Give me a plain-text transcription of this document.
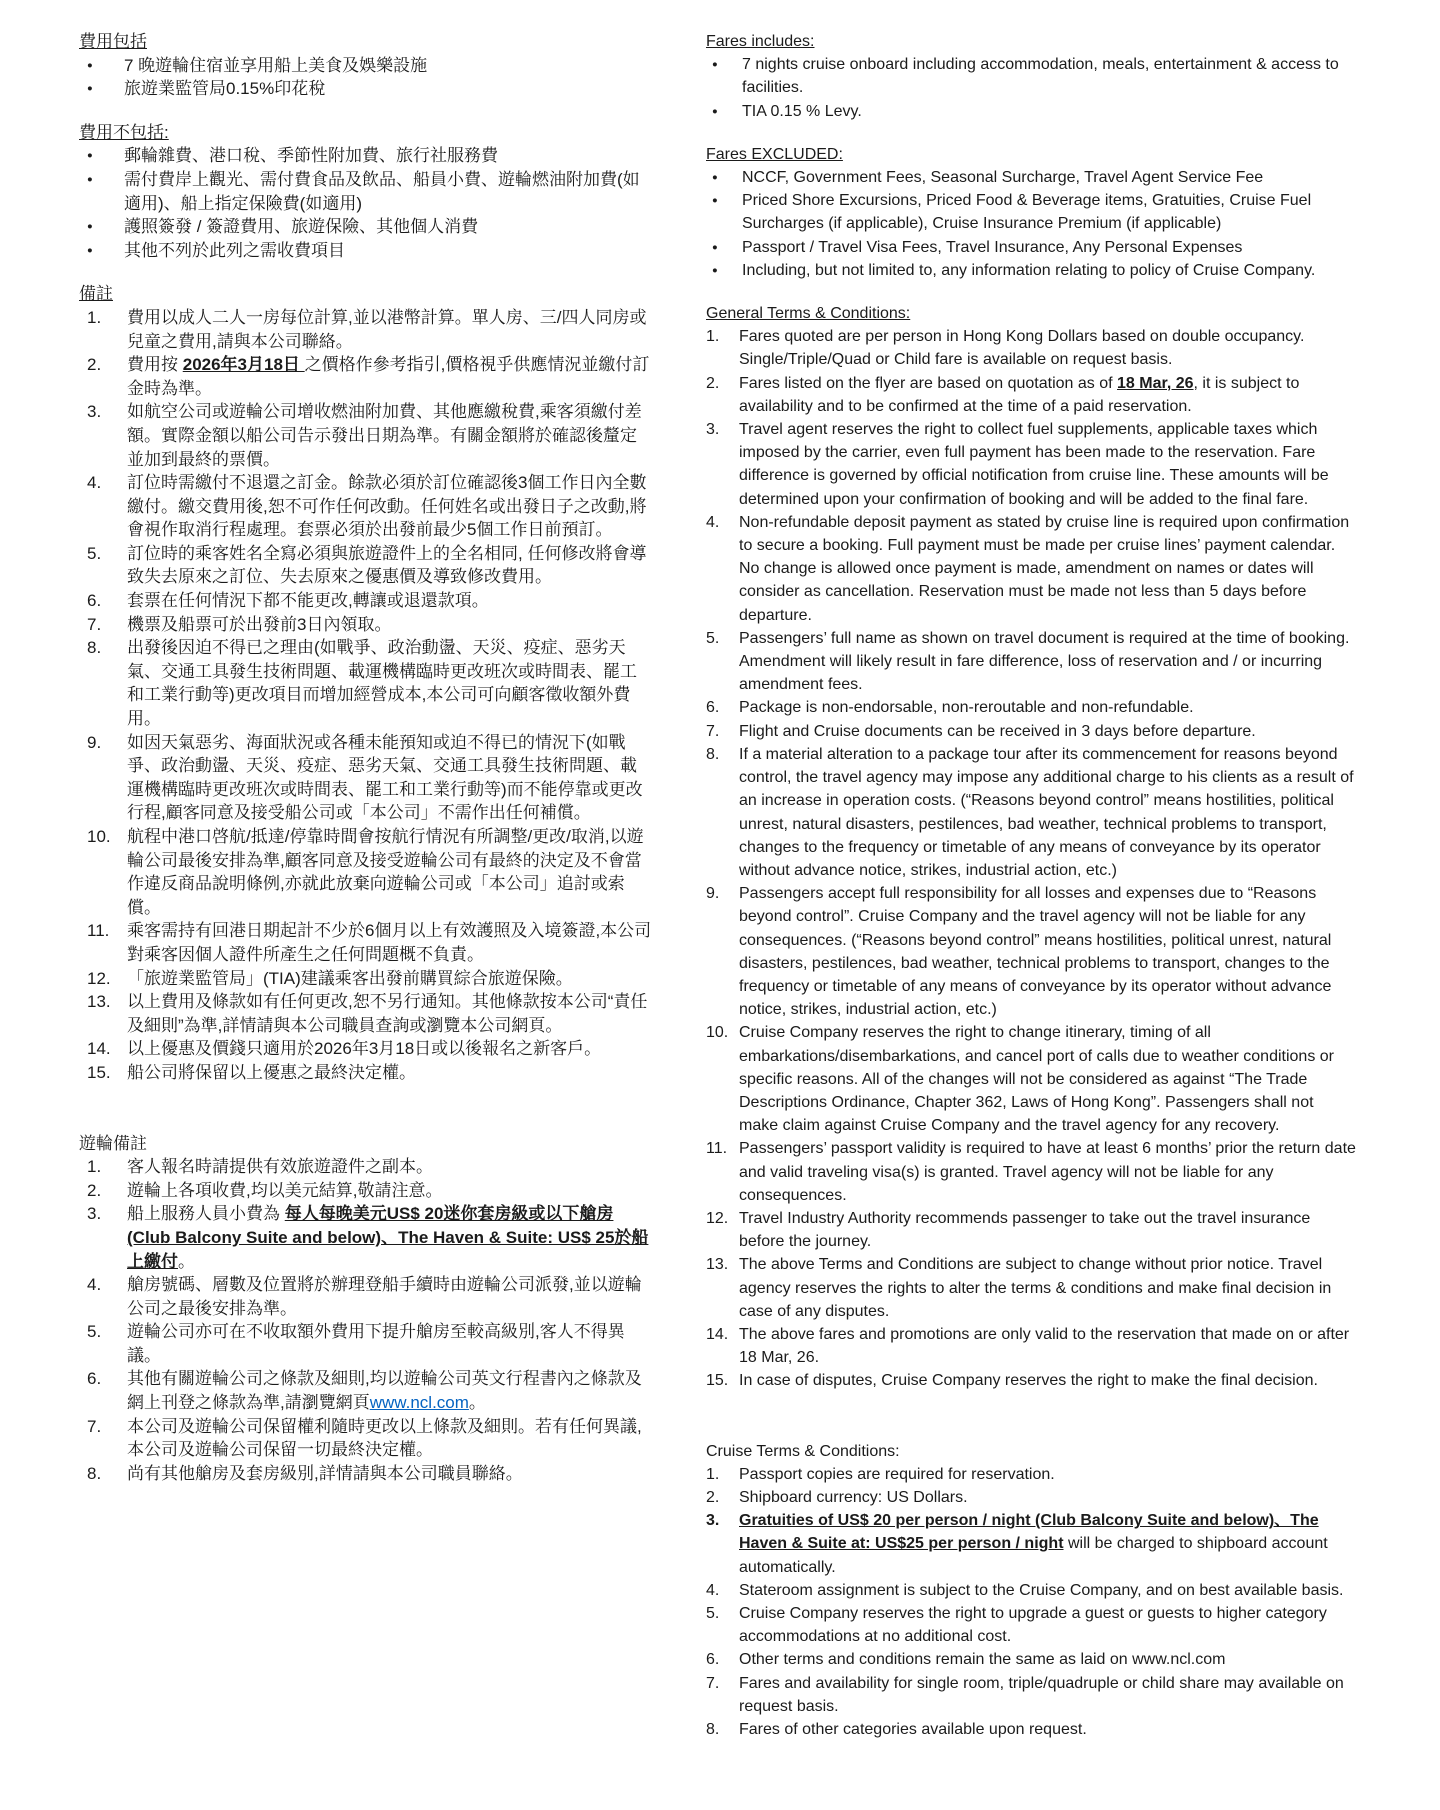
費用包括
●	7 晚遊輪住宿並享用船上美食及娛樂設施
●	旅遊業監管局0.15%印花稅
費用不包括:
●	郵輪雜費、港口稅、季節性附加費、旅行社服務費
●	需付費岸上觀光、需付費食品及飲品、船員小費、遊輪燃油附加費(如適用)、船上指定保險費(如適用)
●	護照簽發 / 簽證費用、旅遊保險、其他個人消費
●	其他不列於此列之需收費項目
備註
1.	費用以成人二人一房每位計算,並以港幣計算。單人房、三/四人同房或兒童之費用,請與本公司聯絡。
2.	費用按 2026年3月18日 之價格作參考指引,價格視乎供應情況並繳付訂金時為準。
3.	如航空公司或遊輪公司增收燃油附加費、其他應繳稅費,乘客須繳付差額。實際金額以船公司告示發出日期為準。有關金額將於確認後釐定並加到最終的票價。
4.	訂位時需繳付不退還之訂金。餘款必須於訂位確認後3個工作日內全數繳付。繳交費用後,恕不可作任何改動。任何姓名或出發日子之改動,將會視作取消行程處理。套票必須於出發前最少5個工作日前預訂。
5.	訂位時的乘客姓名全寫必須與旅遊證件上的全名相同, 任何修改將會導致失去原來之訂位、失去原來之優惠價及導致修改費用。
6.	套票在任何情況下都不能更改,轉讓或退還款項。
7.	機票及船票可於出發前3日內領取。
8.	出發後因迫不得已之理由(如戰爭、政治動盪、天災、疫症、惡劣天氣、交通工具發生技術問題、載運機構臨時更改班次或時間表、罷工和工業行動等)更改項目而增加經營成本,本公司可向顧客徵收額外費用。
9.	如因天氣惡劣、海面狀況或各種未能預知或迫不得已的情況下(如戰爭、政治動盪、天災、疫症、惡劣天氣、交通工具發生技術問題、載運機構臨時更改班次或時間表、罷工和工業行動等)而不能停靠或更改行程,顧客同意及接受船公司或「本公司」不需作出任何補償。
10. 航程中港口啓航/抵達/停靠時間會按航行情況有所調整/更改/取消,以遊輪公司最後安排為準,顧客同意及接受遊輪公司有最終的決定及不會當作違反商品說明條例,亦就此放棄向遊輪公司或「本公司」追討或索償。
11.	乘客需持有回港日期起計不少於6個月以上有效護照及入境簽證,本公司對乘客因個人證件所產生之任何問題概不負責。
12. 「旅遊業監管局」(TIA)建議乘客出發前購買綜合旅遊保險。
13. 以上費用及條款如有任何更改,恕不另行通知。其他條款按本公司“責任及細則”為準,詳情請與本公司職員查詢或瀏覽本公司網頁。
14. 以上優惠及價錢只適用於2026年3月18日或以後報名之新客戶。
15. 船公司將保留以上優惠之最終決定權。
遊輪備註
1.	客人報名時請提供有效旅遊證件之副本。
2.	遊輪上各項收費,均以美元結算,敬請注意。
3.	船上服務人員小費為 每人每晚美元US$ 20迷你套房級或以下艙房 (Club Balcony Suite and below)、The Haven & Suite: US$ 25於船上繳付。
4.	艙房號碼、層數及位置將於辦理登船手續時由遊輪公司派發,並以遊輪公司之最後安排為準。
5.	遊輪公司亦可在不收取額外費用下提升艙房至較高級別,客人不得異議。
6.	其他有關遊輪公司之條款及細則,均以遊輪公司英文行程書內之條款及網上刊登之條款為準,請瀏覽網頁www.ncl.com。
7.	本公司及遊輪公司保留權利隨時更改以上條款及細則。若有任何異議,本公司及遊輪公司保留一切最終決定權。
8.	尚有其他艙房及套房級別,詳情請與本公司職員聯絡。
Fares includes:
●	7 nights cruise onboard including accommodation, meals, entertainment & access to facilities.
●	TIA 0.15 % Levy.
Fares EXCLUDED:
●	NCCF, Government Fees, Seasonal Surcharge, Travel Agent Service Fee
●	Priced Shore Excursions, Priced Food & Beverage items, Gratuities, Cruise Fuel Surcharges (if applicable), Cruise Insurance Premium (if applicable)
●	Passport / Travel Visa Fees, Travel Insurance, Any Personal Expenses
●	Including, but not limited to, any information relating to policy of Cruise Company.
General Terms & Conditions:
1.	Fares quoted are per person in Hong Kong Dollars based on double occupancy. Single/Triple/Quad or Child fare is available on request basis.
2.	Fares listed on the flyer are based on quotation as of 18 Mar, 26, it is subject to availability and to be confirmed at the time of a paid reservation.
3.	Travel agent reserves the right to collect fuel supplements, applicable taxes which imposed by the carrier, even full payment has been made to the reservation. Fare difference is governed by official notification from cruise line. These amounts will be determined upon your confirmation of booking and will be added to the final fare.
4.	Non-refundable deposit payment as stated by cruise line is required upon confirmation to secure a booking. Full payment must be made per cruise lines’ payment calendar. No change is allowed once payment is made, amendment on names or dates will consider as cancellation. Reservation must be made not less than 5 days before departure.
5.	Passengers’ full name as shown on travel document is required at the time of booking. Amendment will likely result in fare difference, loss of reservation and / or incurring amendment fees.
6.	Package is non-endorsable, non-reroutable and non-refundable.
7.	Flight and Cruise documents can be received in 3 days before departure.
8.	If a material alteration to a package tour after its commencement for reasons beyond control, the travel agency may impose any additional charge to his clients as a result of an increase in operation costs. (“Reasons beyond control” means hostilities, political unrest, natural disasters, pestilences, bad weather, technical problems to transport, changes to the frequency or timetable of any means of conveyance by its operator without advance notice, strikes, industrial action, etc.)
9.	Passengers accept full responsibility for all losses and expenses due to “Reasons beyond control”. Cruise Company and the travel agency will not be liable for any consequences. (“Reasons beyond control” means hostilities, political unrest, natural disasters, pestilences, bad weather, technical problems to transport, changes to the frequency or timetable of any means of conveyance by its operator without advance notice, strikes, industrial action, etc.)
10. Cruise Company reserves the right to change itinerary, timing of all embarkations/disembarkations, and cancel port of calls due to weather conditions or specific reasons. All of the changes will not be considered as against “The Trade Descriptions Ordinance, Chapter 362, Laws of Hong Kong”. Passengers shall not make claim against Cruise Company and the travel agency for any recovery.
11. Passengers’ passport validity is required to have at least 6 months’ prior the return date and valid traveling visa(s) is granted. Travel agency will not be liable for any consequences.
12. Travel Industry Authority recommends passenger to take out the travel insurance before the journey.
13. The above Terms and Conditions are subject to change without prior notice. Travel agency reserves the rights to alter the terms & conditions and make final decision in case of any disputes.
14. The above fares and promotions are only valid to the reservation that made on or after 18 Mar, 26.
15. In case of disputes, Cruise Company reserves the right to make the final decision.
Cruise Terms & Conditions:
1.	Passport copies are required for reservation.
2.	Shipboard currency: US Dollars.
3.	Gratuities of US$ 20 per person / night (Club Balcony Suite and below)、The Haven & Suite at: US$25 per person / night will be charged to shipboard account automatically.
4.	Stateroom assignment is subject to the Cruise Company, and on best available basis.
5.	Cruise Company reserves the right to upgrade a guest or guests to higher category accommodations at no additional cost.
6.	Other terms and conditions remain the same as laid on www.ncl.com
7.	Fares and availability for single room, triple/quadruple or child share may available on request basis.
8.	Fares of other categories available upon request.
